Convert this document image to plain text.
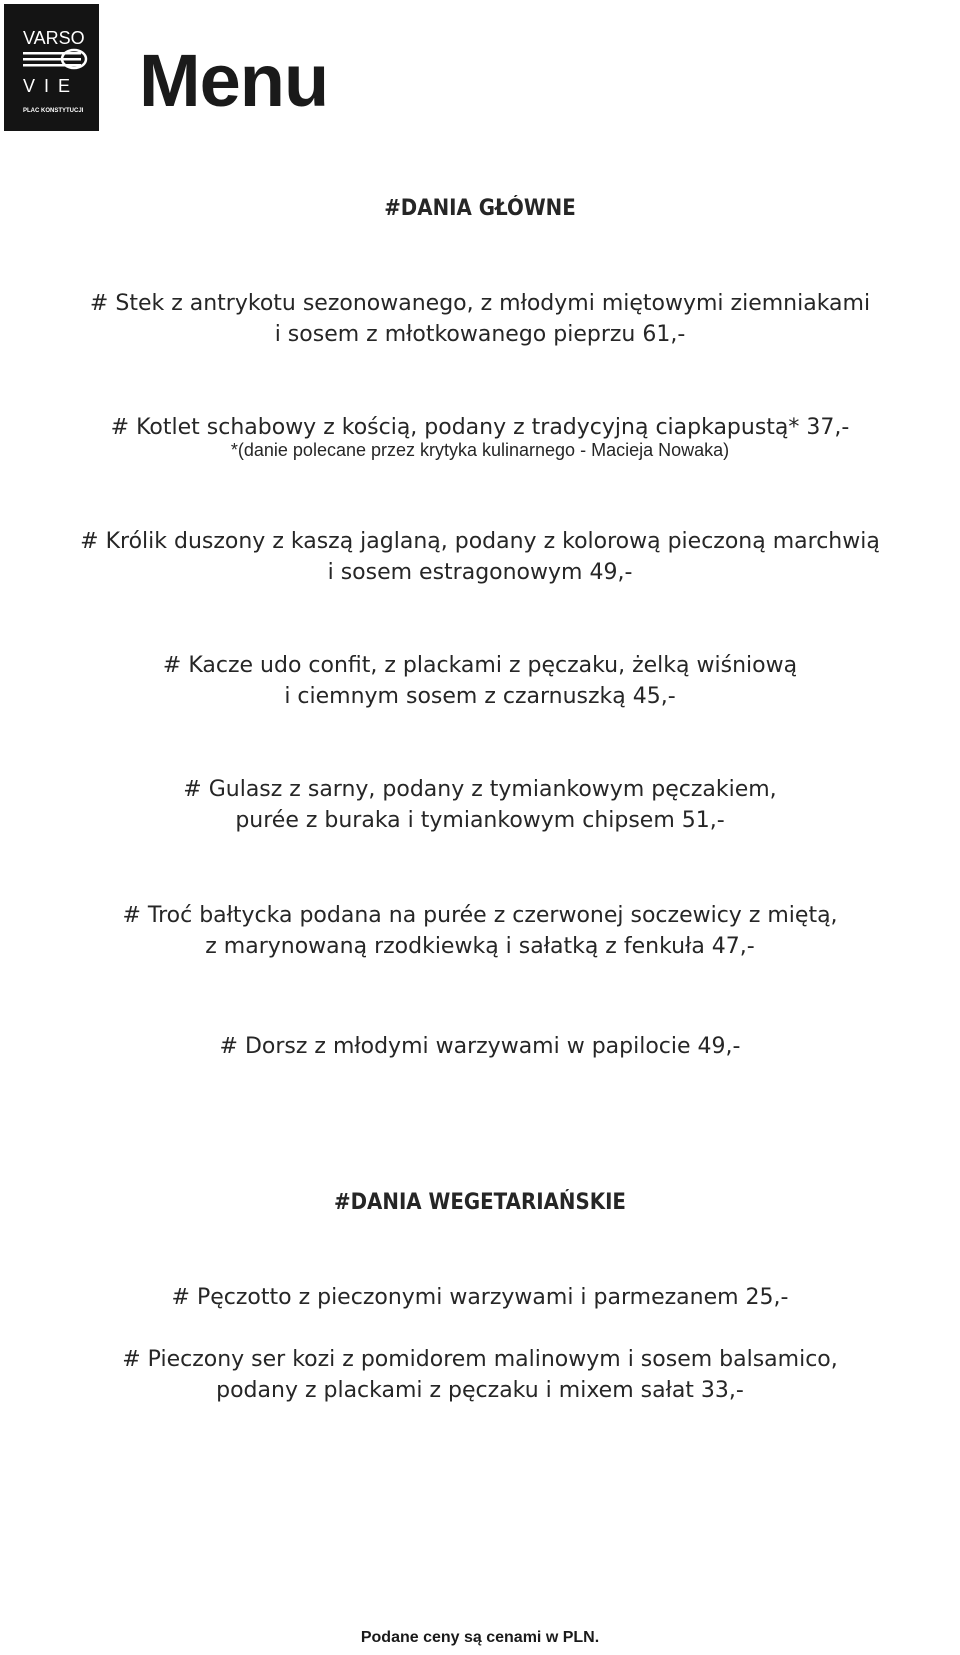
VARSO
VIE
PLAC KONSTYTUCJI Menu
#DANIA GŁÓWNE
# Stek z antrykotu sezonowanego, z młodymi miętowymi ziemniakami
i sosem z młotkowanego pieprzu 61,-
# Kotlet schabowy z kością, podany z tradycyjną ciapkapustą* 37,-
*(danie polecane przez krytyka kulinarnego - Macieja Nowaka)
# Królik duszony z kaszą jaglaną, podany z kolorową pieczoną marchwią
i sosem estragonowym 49,-
# Kacze udo confit, z plackami z pęczaku, żelką wiśniową
i ciemnym sosem z czarnuszką 45,-
# Gulasz z sarny, podany z tymiankowym pęczakiem,
purée z buraka i tymiankowym chipsem 51,-
# Troć bałtycka podana na purée z czerwonej soczewicy z miętą,
z marynowaną rzodkiewką i sałatką z fenkuła 47,-
# Dorsz z młodymi warzywami w papilocie 49,-
#DANIA WEGETARIAŃSKIE
# Pęczotto z pieczonymi warzywami i parmezanem 25,-
# Pieczony ser kozi z pomidorem malinowym i sosem balsamico,
podany z plackami z pęczaku i mixem sałat 33,-
Podane ceny są cenami w PLN.
